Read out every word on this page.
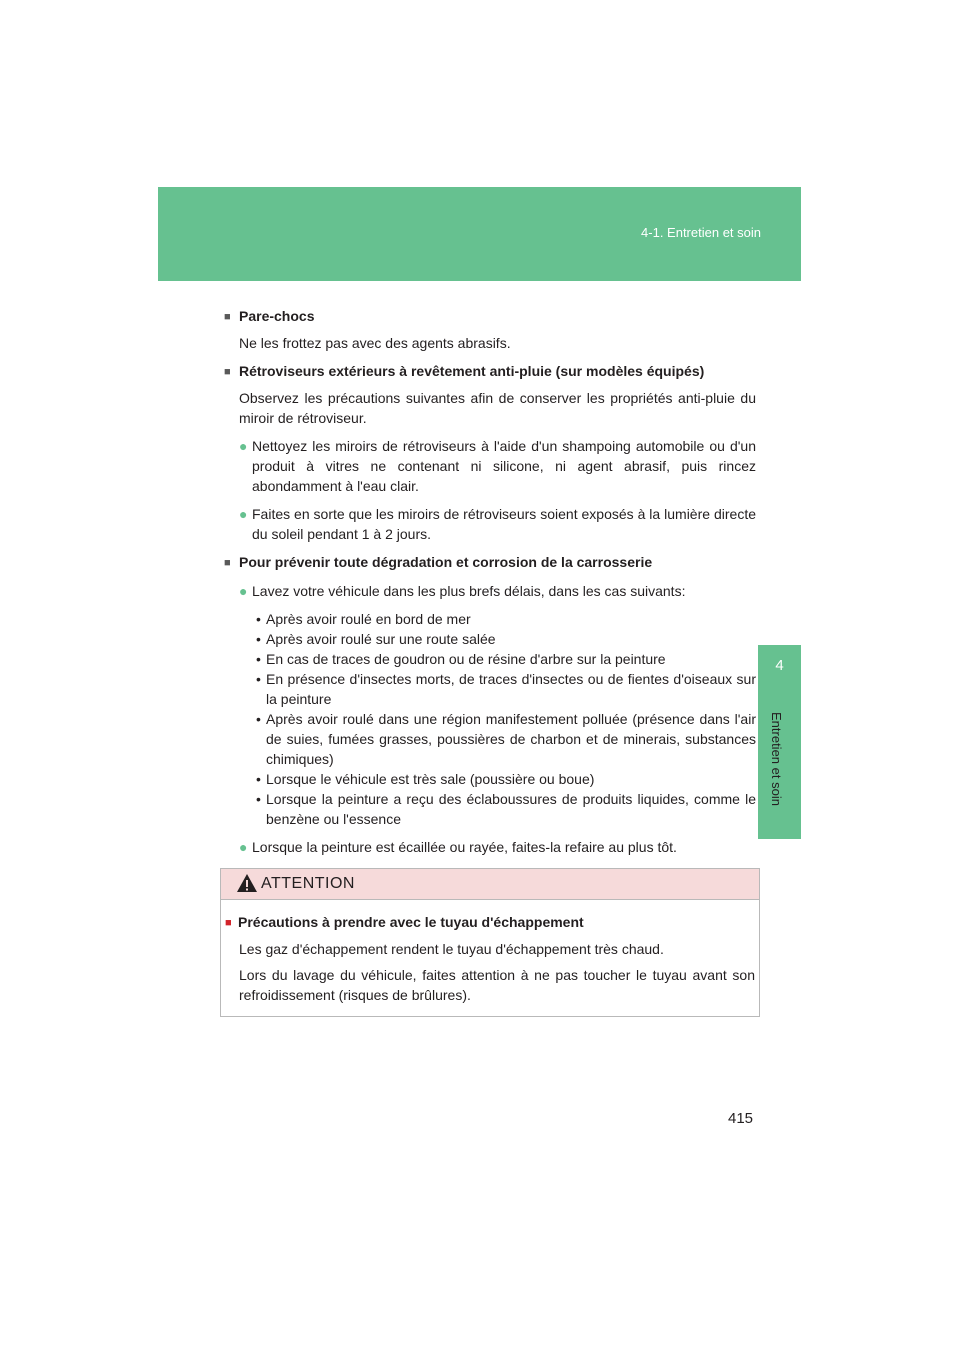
4-1. Entretien et soin
4
Entretien et soin

■ Pare-chocs

Ne les frottez pas avec des agents abrasifs.

■ Rétroviseurs extérieurs à revêtement anti-pluie (sur modèles équipés)

Observez les précautions suivantes afin de conserver les propriétés anti-pluie du miroir de rétroviseur.

● Nettoyez les miroirs de rétroviseurs à l'aide d'un shampoing automobile ou d'un produit à vitres ne contenant ni silicone, ni agent abrasif, puis rincez abondamment à l'eau clair.
● Faites en sorte que les miroirs de rétroviseurs soient exposés à la lumière directe du soleil pendant 1 à 2 jours.

■ Pour prévenir toute dégradation et corrosion de la carrosserie

● Lavez votre véhicule dans les plus brefs délais, dans les cas suivants:
• Après avoir roulé en bord de mer
• Après avoir roulé sur une route salée
• En cas de traces de goudron ou de résine d'arbre sur la peinture
• En présence d'insectes morts, de traces d'insectes ou de fientes d'oiseaux sur la peinture
• Après avoir roulé dans une région manifestement polluée (présence dans l'air de suies, fumées grasses, poussières de charbon et de minerais, substances chimiques)
• Lorsque le véhicule est très sale (poussière ou boue)
• Lorsque la peinture a reçu des éclaboussures de produits liquides, comme le benzène ou l'essence
● Lorsque la peinture est écaillée ou rayée, faites-la refaire au plus tôt.
ATTENTION

■ Précautions à prendre avec le tuyau d'échappement

Les gaz d'échappement rendent le tuyau d'échappement très chaud.

Lors du lavage du véhicule, faites attention à ne pas toucher le tuyau avant son refroidissement (risques de brûlures).

415
